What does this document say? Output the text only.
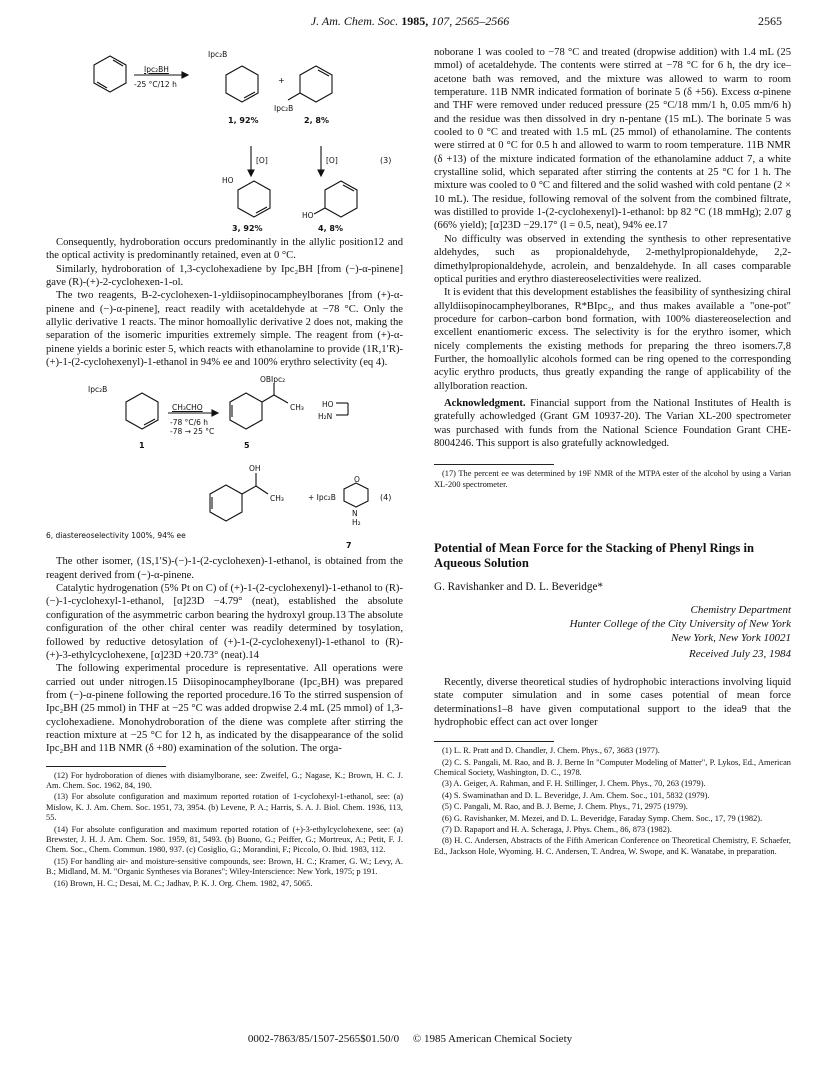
J. Am. Chem. Soc. 1985, 107, 2565–2566	2565
Ipc₂BH
-25 °C/12 h
Ipc₂B
+
Ipc₂B
1, 92%	2, 8%
[O]	[O]	(3)
HO
HO
3, 92%	4, 8%

Consequently, hydroboration occurs predominantly in the allylic position12 and the optical activity is predominantly retained, even at 0 °C.

Similarly, hydroboration of 1,3-cyclohexadiene by Ipc₂BH [from (−)-α-pinene] gave (R)-(+)-2-cyclohexen-1-ol.

The two reagents, B-2-cyclohexen-1-yldiisopinocampheylboranes [from (+)-α-pinene and (−)-α-pinene], react readily with acetaldehyde at −78 °C. Only the allylic derivative 1 reacts. The minor homoallylic derivative 2 does not, making the separation of the isomeric impurities extremely simple. The reagent from (+)-α-pinene yields a borinic ester 5, which reacts with ethanolamine to provide (1R,1′R)-(+)-1-(2-cyclohexenyl)-1-ethanol in 94% ee and 100% erythro selectivity (eq 4).

Ipc₂B
CH₃CHO
-78 °C/6 h
-78 → 25 °C
OBIpc₂
CH₃ HO
H₂N
1	5
OH
CH₃	+ Ipc₂B
O
N
H₂
(4)
6, diastereoselectivity 100%, 94% ee
7

The other isomer, (1S,1′S)-(−)-1-(2-cyclohexen)-1-ethanol, is obtained from the reagent derived from (−)-α-pinene.

Catalytic hydrogenation (5% Pt on C) of (+)-1-(2-cyclohexenyl)-1-ethanol to (R)-(−)-1-cyclohexyl-1-ethanol, [α]23D −4.79° (neat), established the absolute configuration of the asymmetric carbon bearing the hydroxyl group.13 The absolute configuration of the other chiral center was readily determined by tosylation, followed by reductive detosylation of (+)-1-(2-cyclohexenyl)-1-ethanol to (R)-(+)-3-ethylcyclohexene, [α]23D +20.73° (neat).14

The following experimental procedure is representative. All operations were carried out under nitrogen.15 Diisopinocampheylborane (Ipc₂BH) was prepared from (−)-α-pinene following the reported procedure.16 To the stirred suspension of Ipc₂BH (25 mmol) in THF at −25 °C was added dropwise 2.4 mL (25 mmol) of 1,3-cyclohexadiene. Monohydroboration of the diene was complete after stirring the reaction mixture at −25 °C for 12 h, as indicated by the disappearance of the solid Ipc₂BH and 11B NMR (δ +80) examination of the solution. The orga-

(12) For hydroboration of dienes with disiamylborane, see: Zweifel, G.; Nagase, K.; Brown, H. C. J. Am. Chem. Soc. 1962, 84, 190.

(13) For absolute configuration and maximum reported rotation of 1-cyclohexyl-1-ethanol, see: (a) Mislow, K. J. Am. Chem. Soc. 1951, 73, 3954. (b) Levene, P. A.; Harris, S. A. J. Biol. Chem. 1936, 113, 55.

(14) For absolute configuration and maximum reported rotation of (+)-3-ethylcyclohexene, see: (a) Brewster, J. H. J. Am. Chem. Soc. 1959, 81, 5493. (b) Buono, G.; Peiffer, G.; Mortreux, A.; Petit, F. J. Chem. Soc., Chem. Commun. 1980, 937. (c) Cosiglio, G.; Morandini, F.; Piccolo, O. Ibid. 1983, 112.

(15) For handling air- and moisture-sensitive compounds, see: Brown, H. C.; Kramer, G. W.; Levy, A. B.; Midland, M. M. "Organic Syntheses via Boranes"; Wiley-Interscience: New York, 1975; p 191.

(16) Brown, H. C.; Desai, M. C.; Jadhav, P. K. J. Org. Chem. 1982, 47, 5065.

noborane 1 was cooled to −78 °C and treated (dropwise addition) with 1.4 mL (25 mmol) of acetaldehyde. The contents were stirred at −78 °C for 6 h, the dry ice–acetone bath was removed, and the mixture was allowed to warm to room temperature. 11B NMR indicated formation of borinate 5 (δ +56). Excess α-pinene and THF were removed under reduced pressure (25 °C/18 mm/1 h, 0.05 mm/6 h) and the residue was then dissolved in dry n-pentane (15 mL). The borinate 5 was cooled to 0 °C and treated with 1.5 mL (25 mmol) of ethanolamine. The contents were stirred at 0 °C for 0.5 h and allowed to warm to room temperature. 11B NMR (δ +13) of the mixture indicated formation of the ethanolamine adduct 7, a white crystalline solid, which separated after stirring the contents at 25 °C for 1 h. The mixture was cooled to 0 °C and filtered and the solid washed with cold pentane (2 × 10 mL). The residue, following removal of the solvent from the combined filtrate, was distilled to provide 1-(2-cyclohexenyl)-1-ethanol: bp 82 °C (18 mmHg); 2.07 g (66% yield); [α]23D −29.17° (l = 0.5, neat), 94% ee.17

No difficulty was observed in extending the synthesis to other representative aldehydes, such as propionaldehyde, 2-methylpropionaldehyde, 2,2-dimethylpropionaldehyde, acrolein, and benzaldehyde. In all cases comparable optical purities and erythro diastereoselectivities were realized.

It is evident that this development establishes the feasibility of synthesizing chiral allyldiisopinocampheylboranes, R*BIpc₂, and thus makes available a "one-pot" procedure for carbon–carbon bond formation, with 100% diastereoselection and excellent enantiomeric excess. The selectivity is for the erythro isomer, which nicely complements the existing methods for preparing the threo isomers.7,8 Further, the homoallylic alcohols formed can be ring opened to the corresponding acylic erythro products, thus greatly expanding the range of applicability of the allylboration reaction.

Acknowledgment. Financial support from the National Institutes of Health is gratefully achowledged (Grant GM 10937-20). The Varian XL-200 spectrometer was purchased with funds from the National Science Foundation Grant CHE-8004246. This support is also gratefully acknowledged.

(17) The percent ee was determined by 19F NMR of the MTPA ester of the alcohol by using a Varian XL-200 spectrometer.

Potential of Mean Force for the Stacking of Phenyl Rings in Aqueous Solution
G. Ravishanker and D. L. Beveridge*
Chemistry Department
Hunter College of the City University of New York
New York, New York 10021
Received July 23, 1984

Recently, diverse theoretical studies of hydrophobic interactions involving liquid state computer simulation and in some cases potential of mean force determinations1–8 have given computational support to the idea9 that the hydrophobic effect can act over longer

(1) L. R. Pratt and D. Chandler, J. Chem. Phys., 67, 3683 (1977).

(2) C. S. Pangali, M. Rao, and B. J. Berne In "Computer Modeling of Matter", P. Lykos, Ed., American Chemical Society, Washington, D. C., 1978.

(3) A. Geiger, A. Rahman, and F. H. Stillinger, J. Chem. Phys., 70, 263 (1979).

(4) S. Swaminathan and D. L. Beveridge, J. Am. Chem. Soc., 101, 5832 (1979).

(5) C. Pangali, M. Rao, and B. J. Berne, J. Chem. Phys., 71, 2975 (1979).

(6) G. Ravishanker, M. Mezei, and D. L. Beveridge, Faraday Symp. Chem. Soc., 17, 79 (1982).

(7) D. Rapaport and H. A. Scheraga, J. Phys. Chem., 86, 873 (1982).

(8) H. C. Andersen, Abstracts of the Fifth American Conference on Theoretical Chemistry, F. Schaefer, Ed., Jackson Hole, Wyoming. H. C. Andersen, T. Andrea, W. Swope, and K. Wanatabe, in preparation.

0002-7863/85/1507-2565$01.50/0 © 1985 American Chemical Society
